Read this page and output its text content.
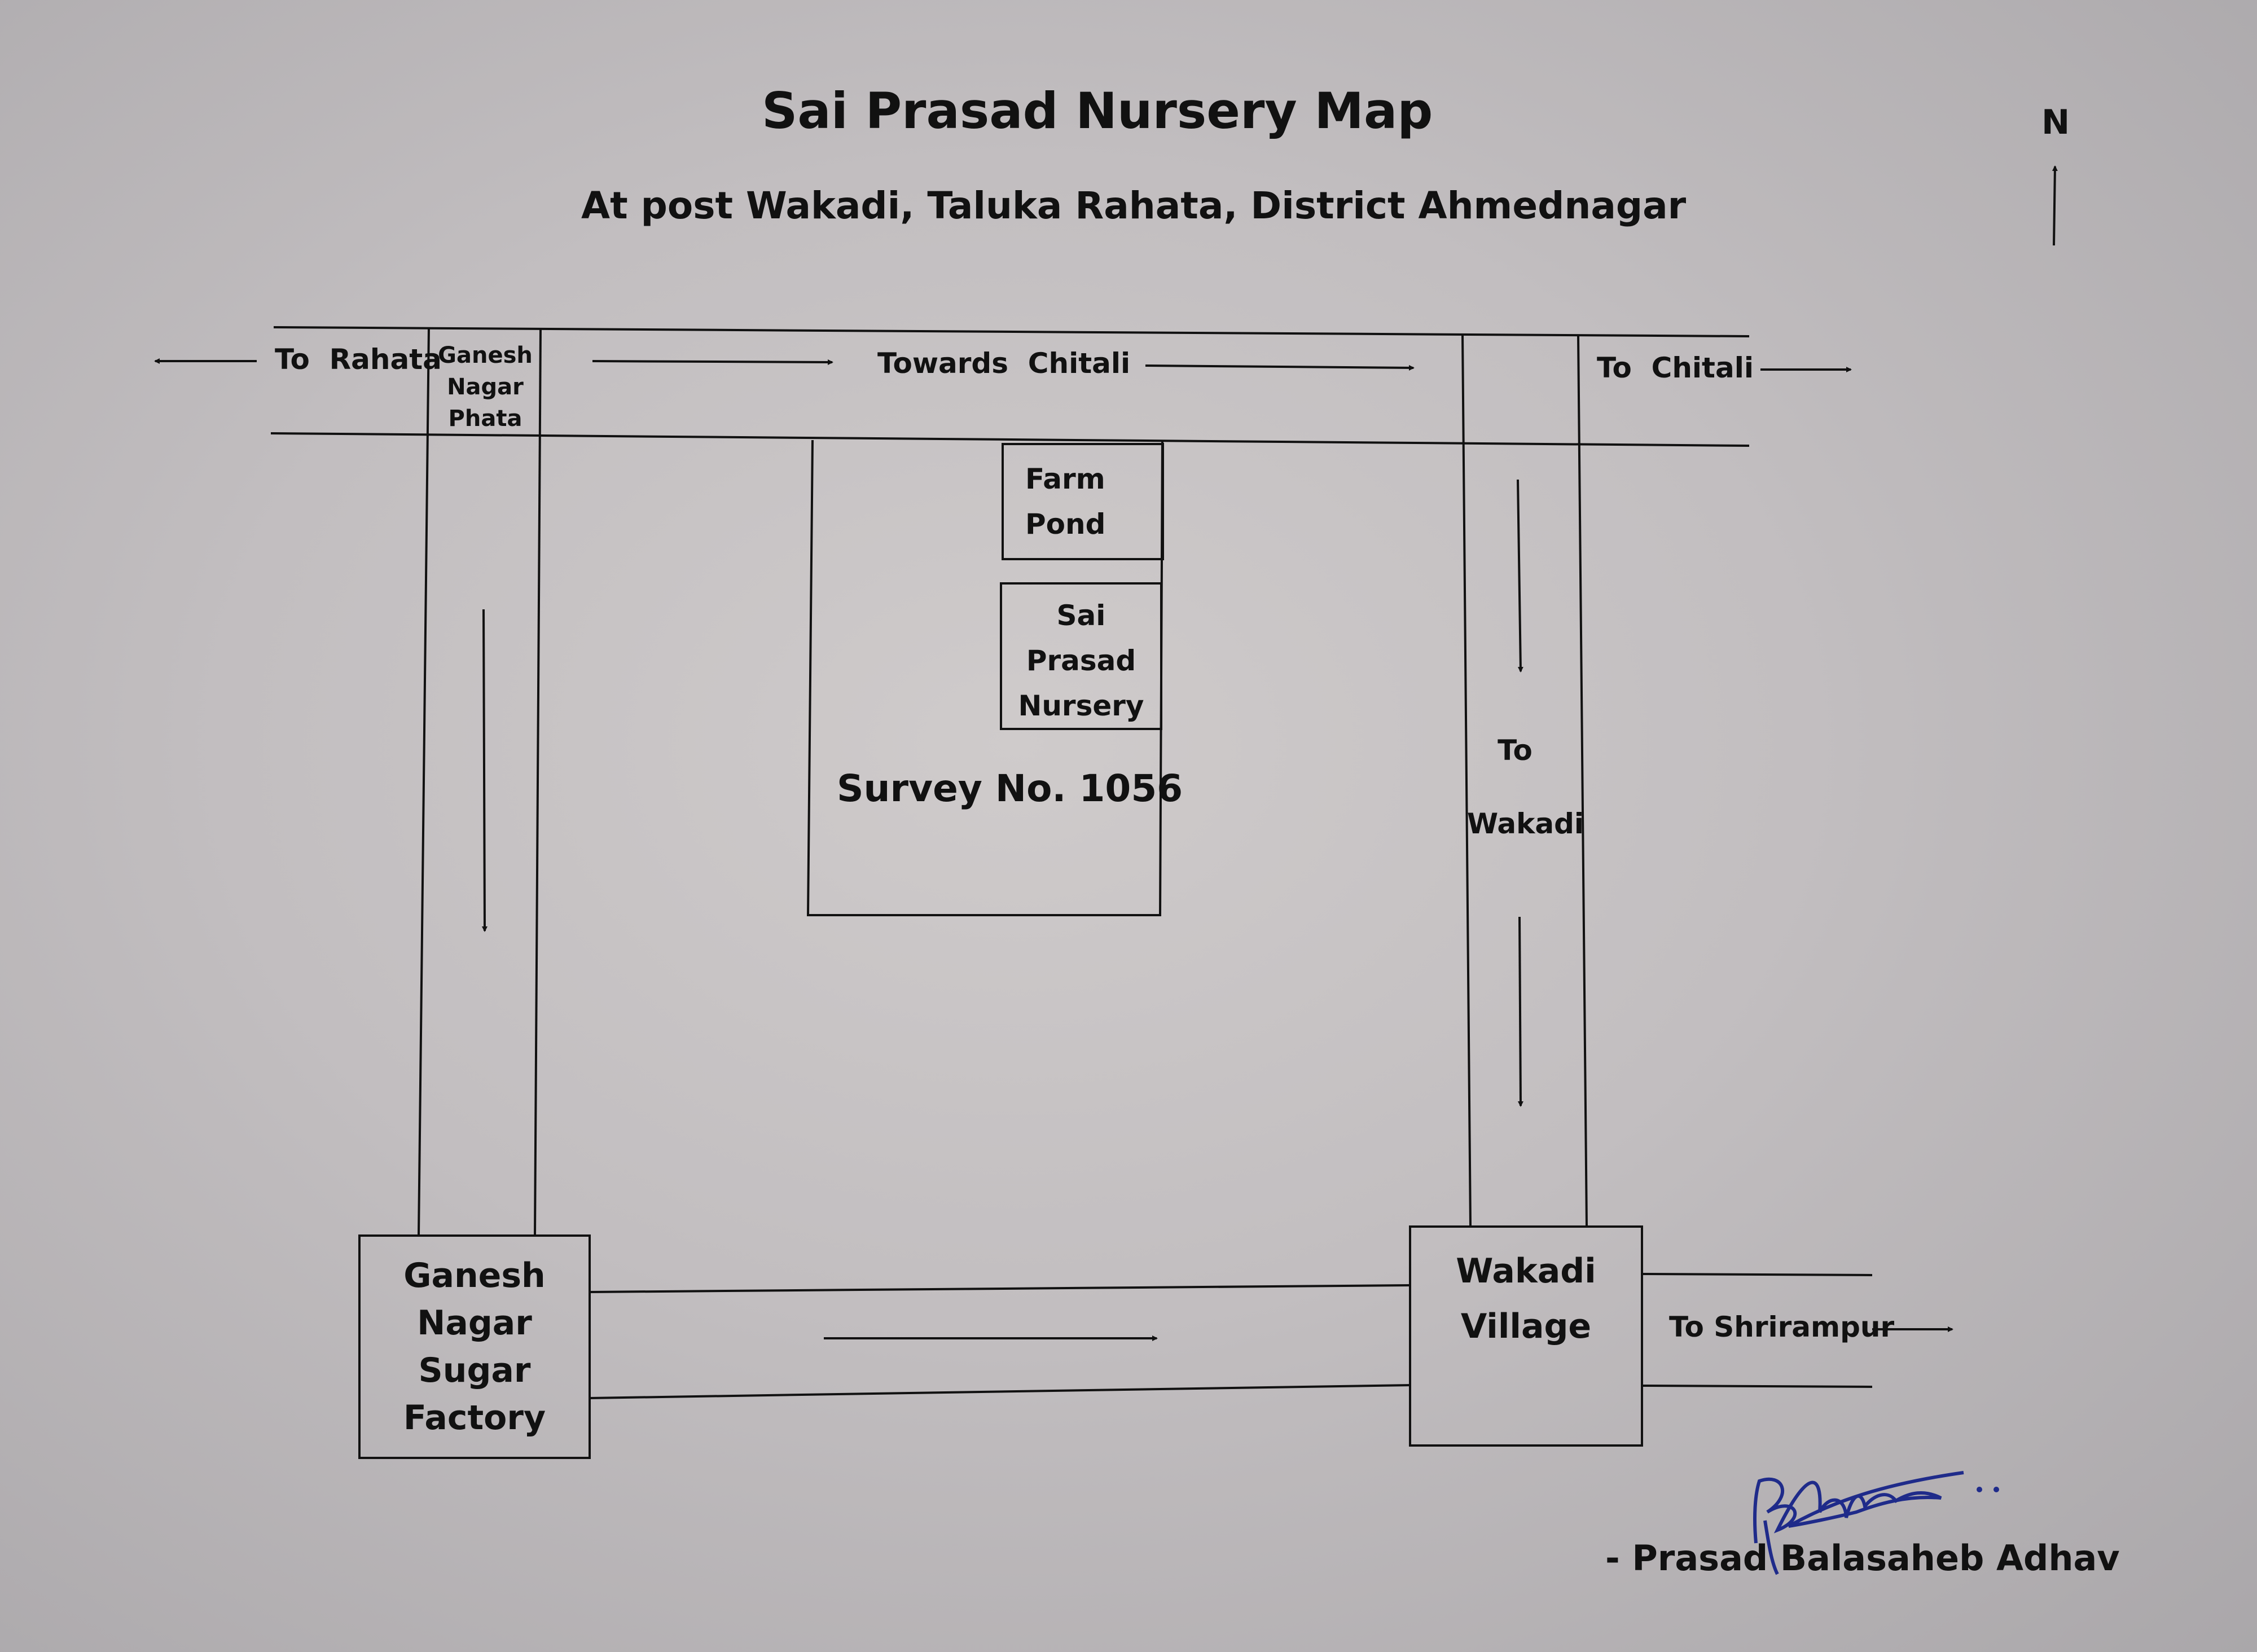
Sai Prasad Nursery Map
At post Wakadi, Taluka Rahata, District Ahmednagar
N
To  Rahata
Ganesh
Nagar
Phata
Towards  Chitali	To  Chitali
To
Wakadi
To Shrirampur
Farm
Pond
Sai
Prasad
Nursery
Survey No. 1056
Ganesh
Nagar
Sugar
Factory
Wakadi
Village
- Prasad Balasaheb Adhav
